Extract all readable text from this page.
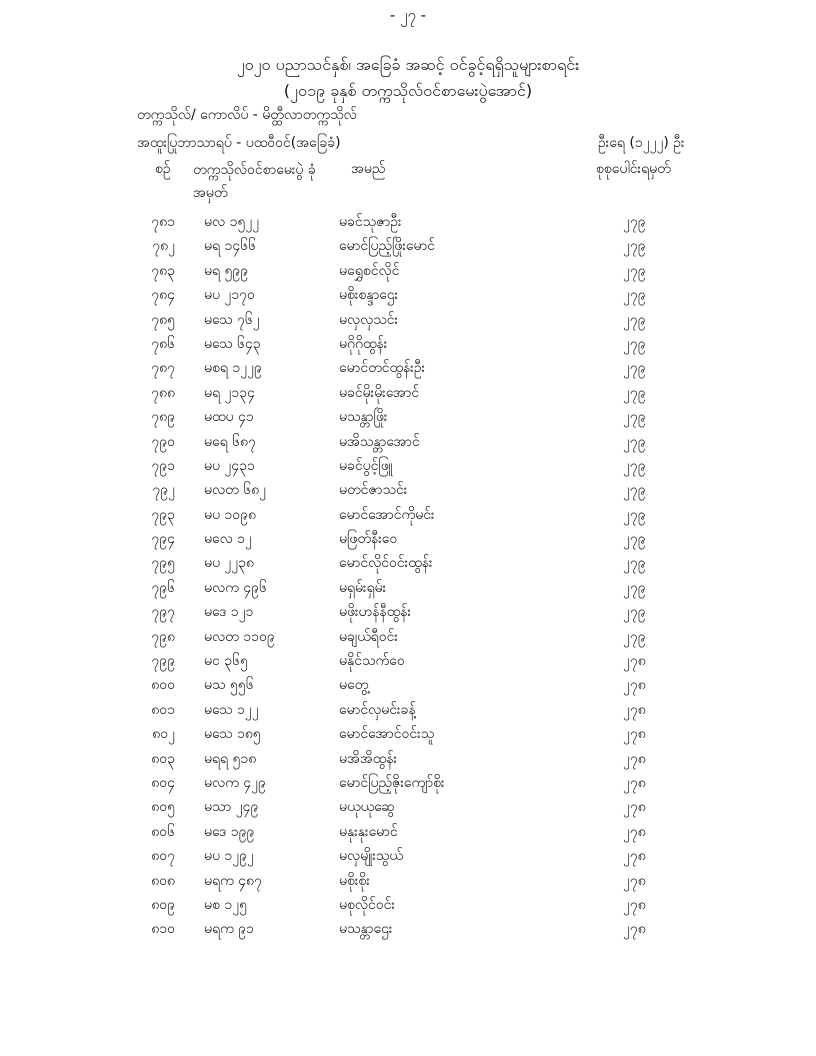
- ၂၇ -
၂၀၂၀ ပညာသင်နှစ်၊ အခြေခံ အဆင့် ဝင်ခွင့်ရရှိသူများစာရင်း
(၂၀၁၉ ခုနှစ် တက္ကသိုလ်ဝင်စာမေးပွဲအောင်)
တက္ကသိုလ်/ ကောလိပ် - မိတ္ထီလာတက္ကသိုလ်
အထူးပြုဘာသာရပ် - ပထဝီဝင်(အခြေခံ)	ဦးရေ (၁၂၂၂) ဦး
စဉ် တက္ကသိုလ်ဝင်စာမေးပွဲ ခုံအမှတ်
အမည်	စုစုပေါင်းရမှတ်
၇၈၁ မလ ၁၅၂၂	မခင်သုဇာဦး	၂၇၉
၇၈၂ မရ ၁၄၆၆	မောင်ပြည့်ဖြိုးမောင်	၂၇၉
၇၈၃ မရ ၅၉၉	မရွှေစင်လိုင်	၂၇၉
၇၈၄ မပ ၂၁၇၀	မစိုးစန္ဒာဌေး	၂၇၉
၇၈၅ မသေ ၇၆၂	မလှလှသင်း	၂၇၉
၇၈၆ မသေ ၆၄၃	မဂိုဂိုထွန်း	၂၇၉
၇၈၇ မစရ ၁၂၂၉	မောင်တင်ထွန်းဦး	၂၇၉
၇၈၈ မရ ၂၁၃၄	မခင်မိုးမိုးအောင်	၂၇၉
၇၈၉ မထပ ၄၁	မသန္တာဖြိုး	၂၇၉
၇၉၀ မရေ ၆၈၇	မအိသန္တာအောင်	၂၇၉
၇၉၁ မပ ၂၄၃၁	မခင်ပွင့်ဖြူ	၂၇၉
၇၉၂ မလတ ၆၈၂	မတင်ဇာသင်း	၂၇၉
၇၉၃ မပ ၁၀၉၈	မောင်အောင်ကိုမင်း	၂၇၉
၇၉၄ မလေ ၁၂	မဖြတ်နီးဝေ	၂၇၉
၇၉၅ မပ ၂၂၃၈	မောင်လိုင်ဝင်းထွန်း	၂၇၉
၇၉၆ မလက ၄၉၆	မရှမ်းရှမ်း	၂၇၉
၇၉၇ မဒေ ၁၂၁	မဖိုးဟန်နီထွန်း	၂၇၉
၇၉၈ မလတ ၁၁၀၉	မချယ်ရီဝင်း	၂၇၉
၇၉၉ မင ၃၆၅	မနိုင်သက်ဝေ	၂၇၈
၈၀၀ မသ ၅၅၆	မတွေ့	၂၇၈
၈၀၁ မသေ ၁၂၂	မောင်လှမင်းခန့်	၂၇၈
၈၀၂ မသေ ၁၈၅	မောင်အောင်ဝင်းသူ	၂၇၈
၈၀၃ မရရ ၅၁၈	မအိအိထွန်း	၂၇၈
၈၀၄ မလက ၄၂၉	မောင်ပြည့်ဇိုးကျော်စိုး	၂၇၈
၈၀၅ မသာ ၂၄၉	မယုယုဆွေ	၂၇၈
၈၀၆ မဒေ ၁၉၉	မနုးနုးမောင်	၂၇၈
၈၀၇ မပ ၁၂၉၂	မလှမျိုးသွယ်	၂၇၈
၈၀၈ မရက ၄၈၇	မစိုးစိုး	၂၇၈
၈၀၉ မစ ၁၂၅	မစုလိုင်ဝင်း	၂၇၈
၈၁၀ မရက ၉၁	မသန္တာဌေး	၂၇၈
